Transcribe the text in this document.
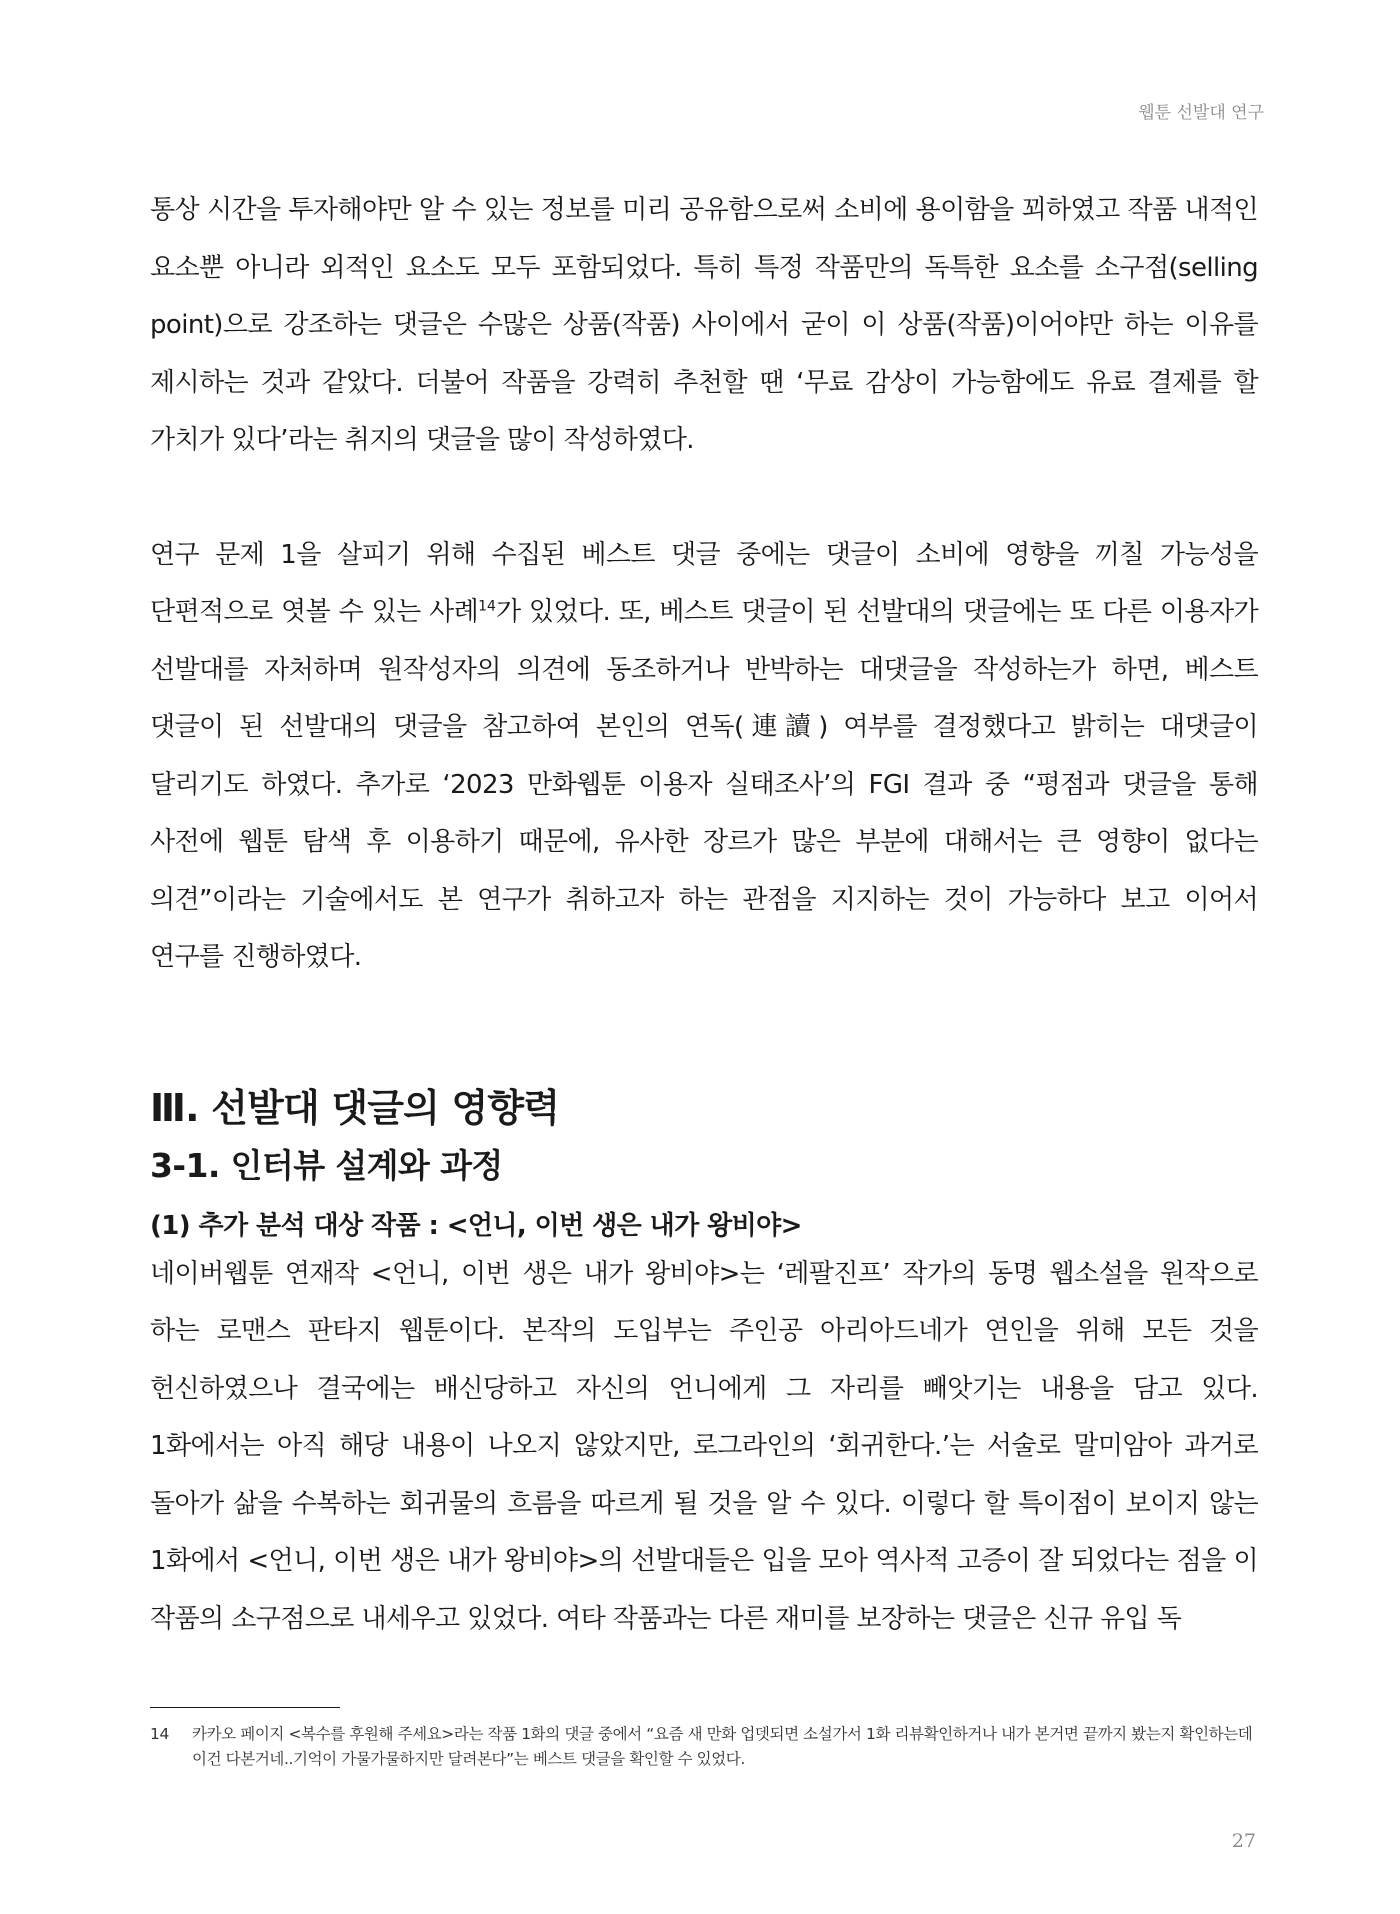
웹툰 선발대 연구

통상 시간을 투자해야만 알 수 있는 정보를 미리 공유함으로써 소비에 용이함을 꾀하였고 작품 내적인 요소뿐 아니라 외적인 요소도 모두 포함되었다. 특히 특정 작품만의 독특한 요소를 소구점(selling point)으로 강조하는 댓글은 수많은 상품(작품) 사이에서 굳이 이 상품(작품)이어야만 하는 이유를 제시하는 것과 같았다. 더불어 작품을 강력히 추천할 땐 ‘무료 감상이 가능함에도 유료 결제를 할 가치가 있다’라는 취지의 댓글을 많이 작성하였다.

연구 문제 1을 살피기 위해 수집된 베스트 댓글 중에는 댓글이 소비에 영향을 끼칠 가능성을 단편적으로 엿볼 수 있는 사례$^{14}$가 있었다. 또, 베스트 댓글이 된 선발대의 댓글에는 또 다른 이용자가 선발대를 자처하며 원작성자의 의견에 동조하거나 반박하는 대댓글을 작성하는가 하면, 베스트 댓글이 된 선발대의 댓글을 참고하여 본인의 연독(連讀) 여부를 결정했다고 밝히는 대댓글이 달리기도 하였다. 추가로 ‘2023 만화웹툰 이용자 실태조사’의 FGI 결과 중 “평점과 댓글을 통해 사전에 웹툰 탐색 후 이용하기 때문에, 유사한 장르가 많은 부분에 대해서는 큰 영향이 없다는 의견”이라는 기술에서도 본 연구가 취하고자 하는 관점을 지지하는 것이 가능하다 보고 이어서 연구를 진행하였다.

Ⅲ. 선발대 댓글의 영향력
3-1. 인터뷰 설계와 과정
(1) 추가 분석 대상 작품 : <언니, 이번 생은 내가 왕비야>

네이버웹툰 연재작 <언니, 이번 생은 내가 왕비야>는 ‘레팔진프’ 작가의 동명 웹소설을 원작으로 하는 로맨스 판타지 웹툰이다. 본작의 도입부는 주인공 아리아드네가 연인을 위해 모든 것을 헌신하였으나 결국에는 배신당하고 자신의 언니에게 그 자리를 빼앗기는 내용을 담고 있다. 1화에서는 아직 해당 내용이 나오지 않았지만, 로그라인의 ‘회귀한다.’는 서술로 말미암아 과거로 돌아가 삶을 수복하는 회귀물의 흐름을 따르게 될 것을 알 수 있다. 이렇다 할 특이점이 보이지 않는 1화에서 <언니, 이번 생은 내가 왕비야>의 선발대들은 입을 모아 역사적 고증이 잘 되었다는 점을 이 작품의 소구점으로 내세우고 있었다. 여타 작품과는 다른 재미를 보장하는 댓글은 신규 유입 독

14	카카오 페이지 <복수를 후원해 주세요>라는 작품 1화의 댓글 중에서 “요즘 새 만화 업뎃되면 소설가서 1화 리뷰확인하거나 내가 본거면 끝까지 봤는지 확인하는데 이건 다본거네..기억이 가물가물하지만 달려본다”는 베스트 댓글을 확인할 수 있었다.
27
